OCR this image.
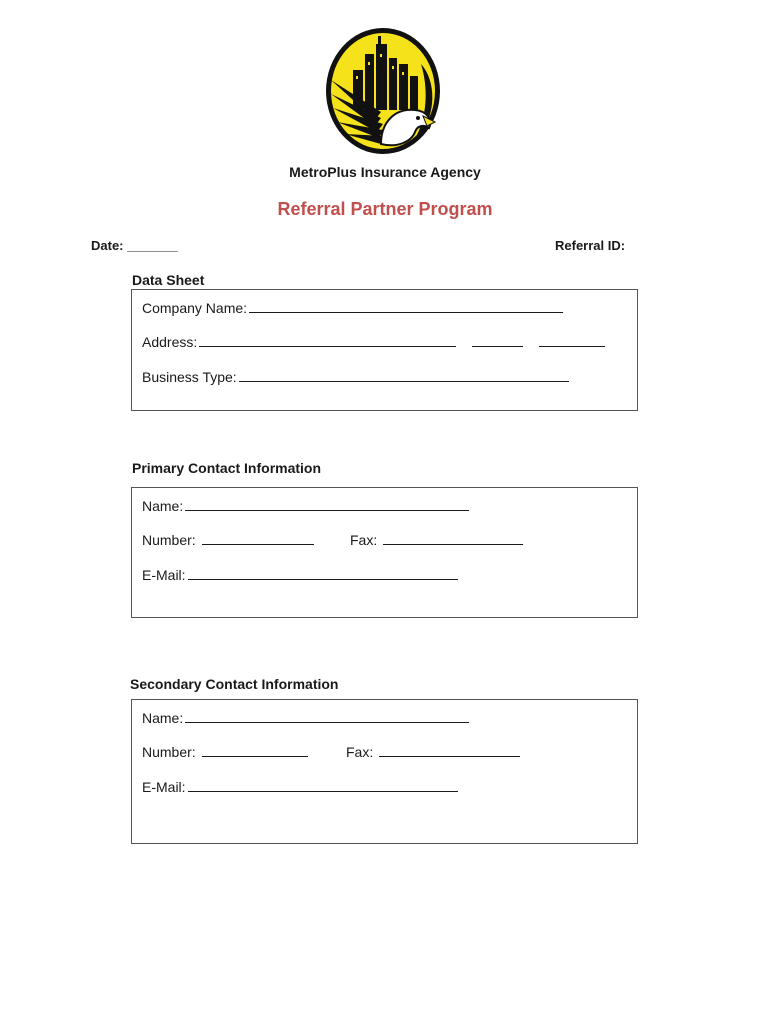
MetroPlus Insurance Agency
Referral Partner Program
Date: _______	Referral ID:
Data Sheet
Company Name:
Address:
Business Type:
Primary Contact Information
Name:
Number:	Fax:
E-Mail:
Secondary Contact Information
Name:
Number:	Fax:
E-Mail:
